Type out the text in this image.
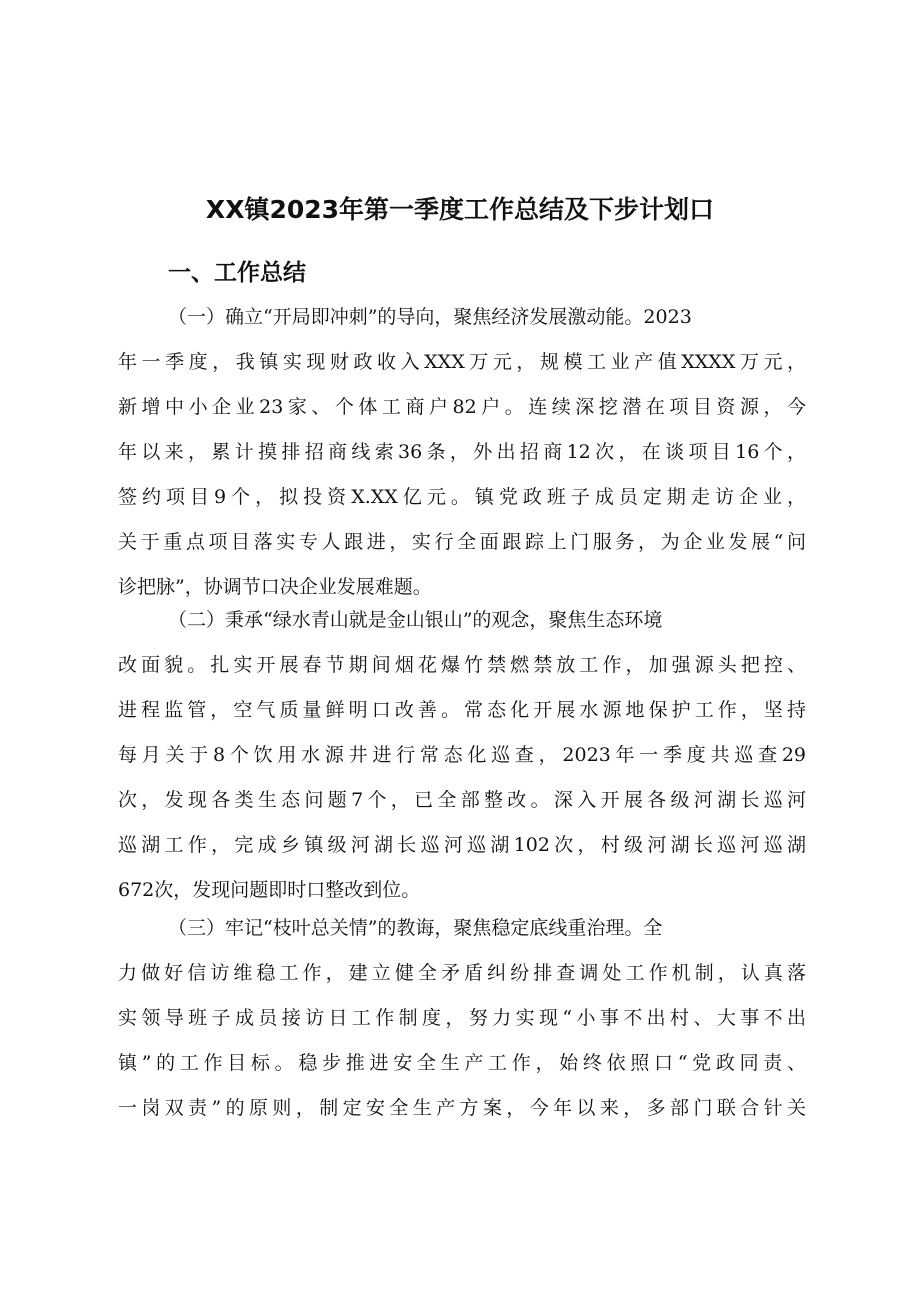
XX镇2023年第一季度工作总结及下步计划口
一、工作总结
（一）确立“开局即冲刺”的导向，聚焦经济发展激动能。2023
年一季度，我镇实现财政收入XXX万元，规模工业产值XXXX万元，
新增中小企业23家、个体工商户82户。连续深挖潜在项目资源，今
年以来，累计摸排招商线索36条，外出招商12次，在谈项目16个，
签约项目9个，拟投资X.XX亿元。镇党政班子成员定期走访企业，
关于重点项目落实专人跟进，实行全面跟踪上门服务，为企业发展“问
诊把脉”，协调节口决企业发展难题。
（二）秉承“绿水青山就是金山银山”的观念，聚焦生态环境
改面貌。扎实开展春节期间烟花爆竹禁燃禁放工作，加强源头把控、
进程监管，空气质量鲜明口改善。常态化开展水源地保护工作，坚持
每月关于8个饮用水源井进行常态化巡查，2023年一季度共巡查29
次，发现各类生态问题7个，已全部整改。深入开展各级河湖长巡河
巡湖工作，完成乡镇级河湖长巡河巡湖102次，村级河湖长巡河巡湖
672次，发现问题即时口整改到位。
（三）牢记“枝叶总关情”的教诲，聚焦稳定底线重治理。全
力做好信访维稳工作，建立健全矛盾纠纷排查调处工作机制，认真落
实领导班子成员接访日工作制度，努力实现“小事不出村、大事不出
镇”的工作目标。稳步推进安全生产工作，始终依照口“党政同责、
一岗双责”的原则，制定安全生产方案，今年以来，多部门联合针关
